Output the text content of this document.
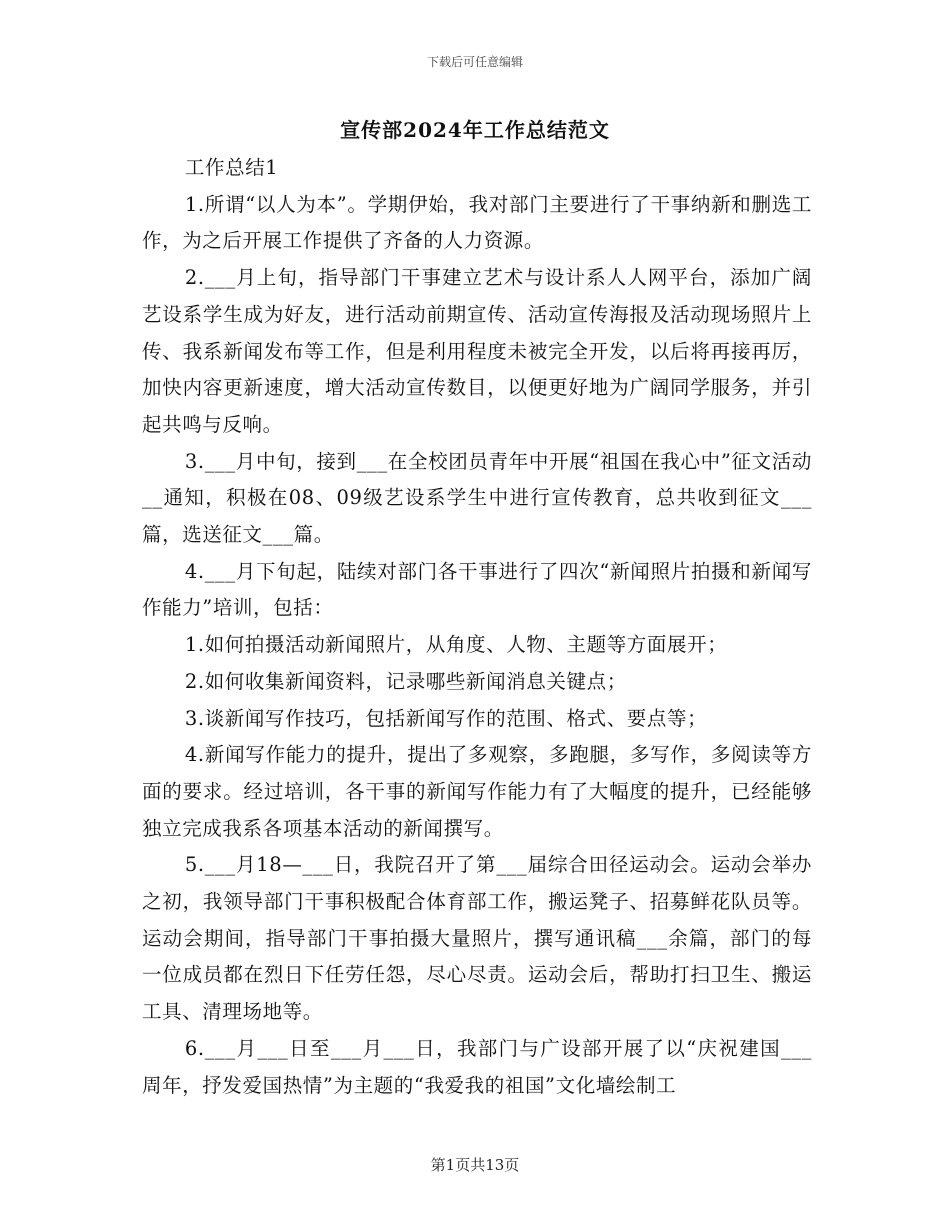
下载后可任意编辑
宣传部2024年工作总结范文

工作总结1

1.所谓“以人为本”。学期伊始，我对部门主要进行了干事纳新和删选工作，为之后开展工作提供了齐备的人力资源。

2.___月上旬，指导部门干事建立艺术与设计系人人网平台，添加广阔艺设系学生成为好友，进行活动前期宣传、活动宣传海报及活动现场照片上传、我系新闻发布等工作，但是利用程度未被完全开发，以后将再接再厉，加快内容更新速度，增大活动宣传数目，以便更好地为广阔同学服务，并引起共鸣与反响。

3.___月中旬，接到___在全校团员青年中开展“祖国在我心中”征文活动__通知，积极在08、09级艺设系学生中进行宣传教育，总共收到征文___篇，选送征文___篇。

4.___月下旬起，陆续对部门各干事进行了四次“新闻照片拍摄和新闻写作能力”培训，包括：

1.如何拍摄活动新闻照片，从角度、人物、主题等方面展开；

2.如何收集新闻资料，记录哪些新闻消息关键点；

3.谈新闻写作技巧，包括新闻写作的范围、格式、要点等；

4.新闻写作能力的提升，提出了多观察，多跑腿，多写作，多阅读等方面的要求。经过培训，各干事的新闻写作能力有了大幅度的提升，已经能够独立完成我系各项基本活动的新闻撰写。

5.___月18—___日，我院召开了第___届综合田径运动会。运动会举办之初，我领导部门干事积极配合体育部工作，搬运凳子、招募鲜花队员等。运动会期间，指导部门干事拍摄大量照片，撰写通讯稿___余篇，部门的每一位成员都在烈日下任劳任怨，尽心尽责。运动会后，帮助打扫卫生、搬运工具、清理场地等。

6.___月___日至___月___日，我部门与广设部开展了以“庆祝建国___周年，抒发爱国热情”为主题的“我爱我的祖国”文化墙绘制工

第1页共13页
